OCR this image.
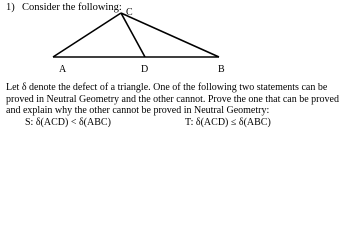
1) Consider the following: C
A	D	B

Let δ denote the defect of a triangle. One of the following two statements can be proved in Neutral Geometry and the other cannot. Prove the one that can be proved and explain why the other cannot be proved in Neutral Geometry:

S: δ(ACD) < δ(ABC)	T: δ(ACD) ≤ δ(ABC)
